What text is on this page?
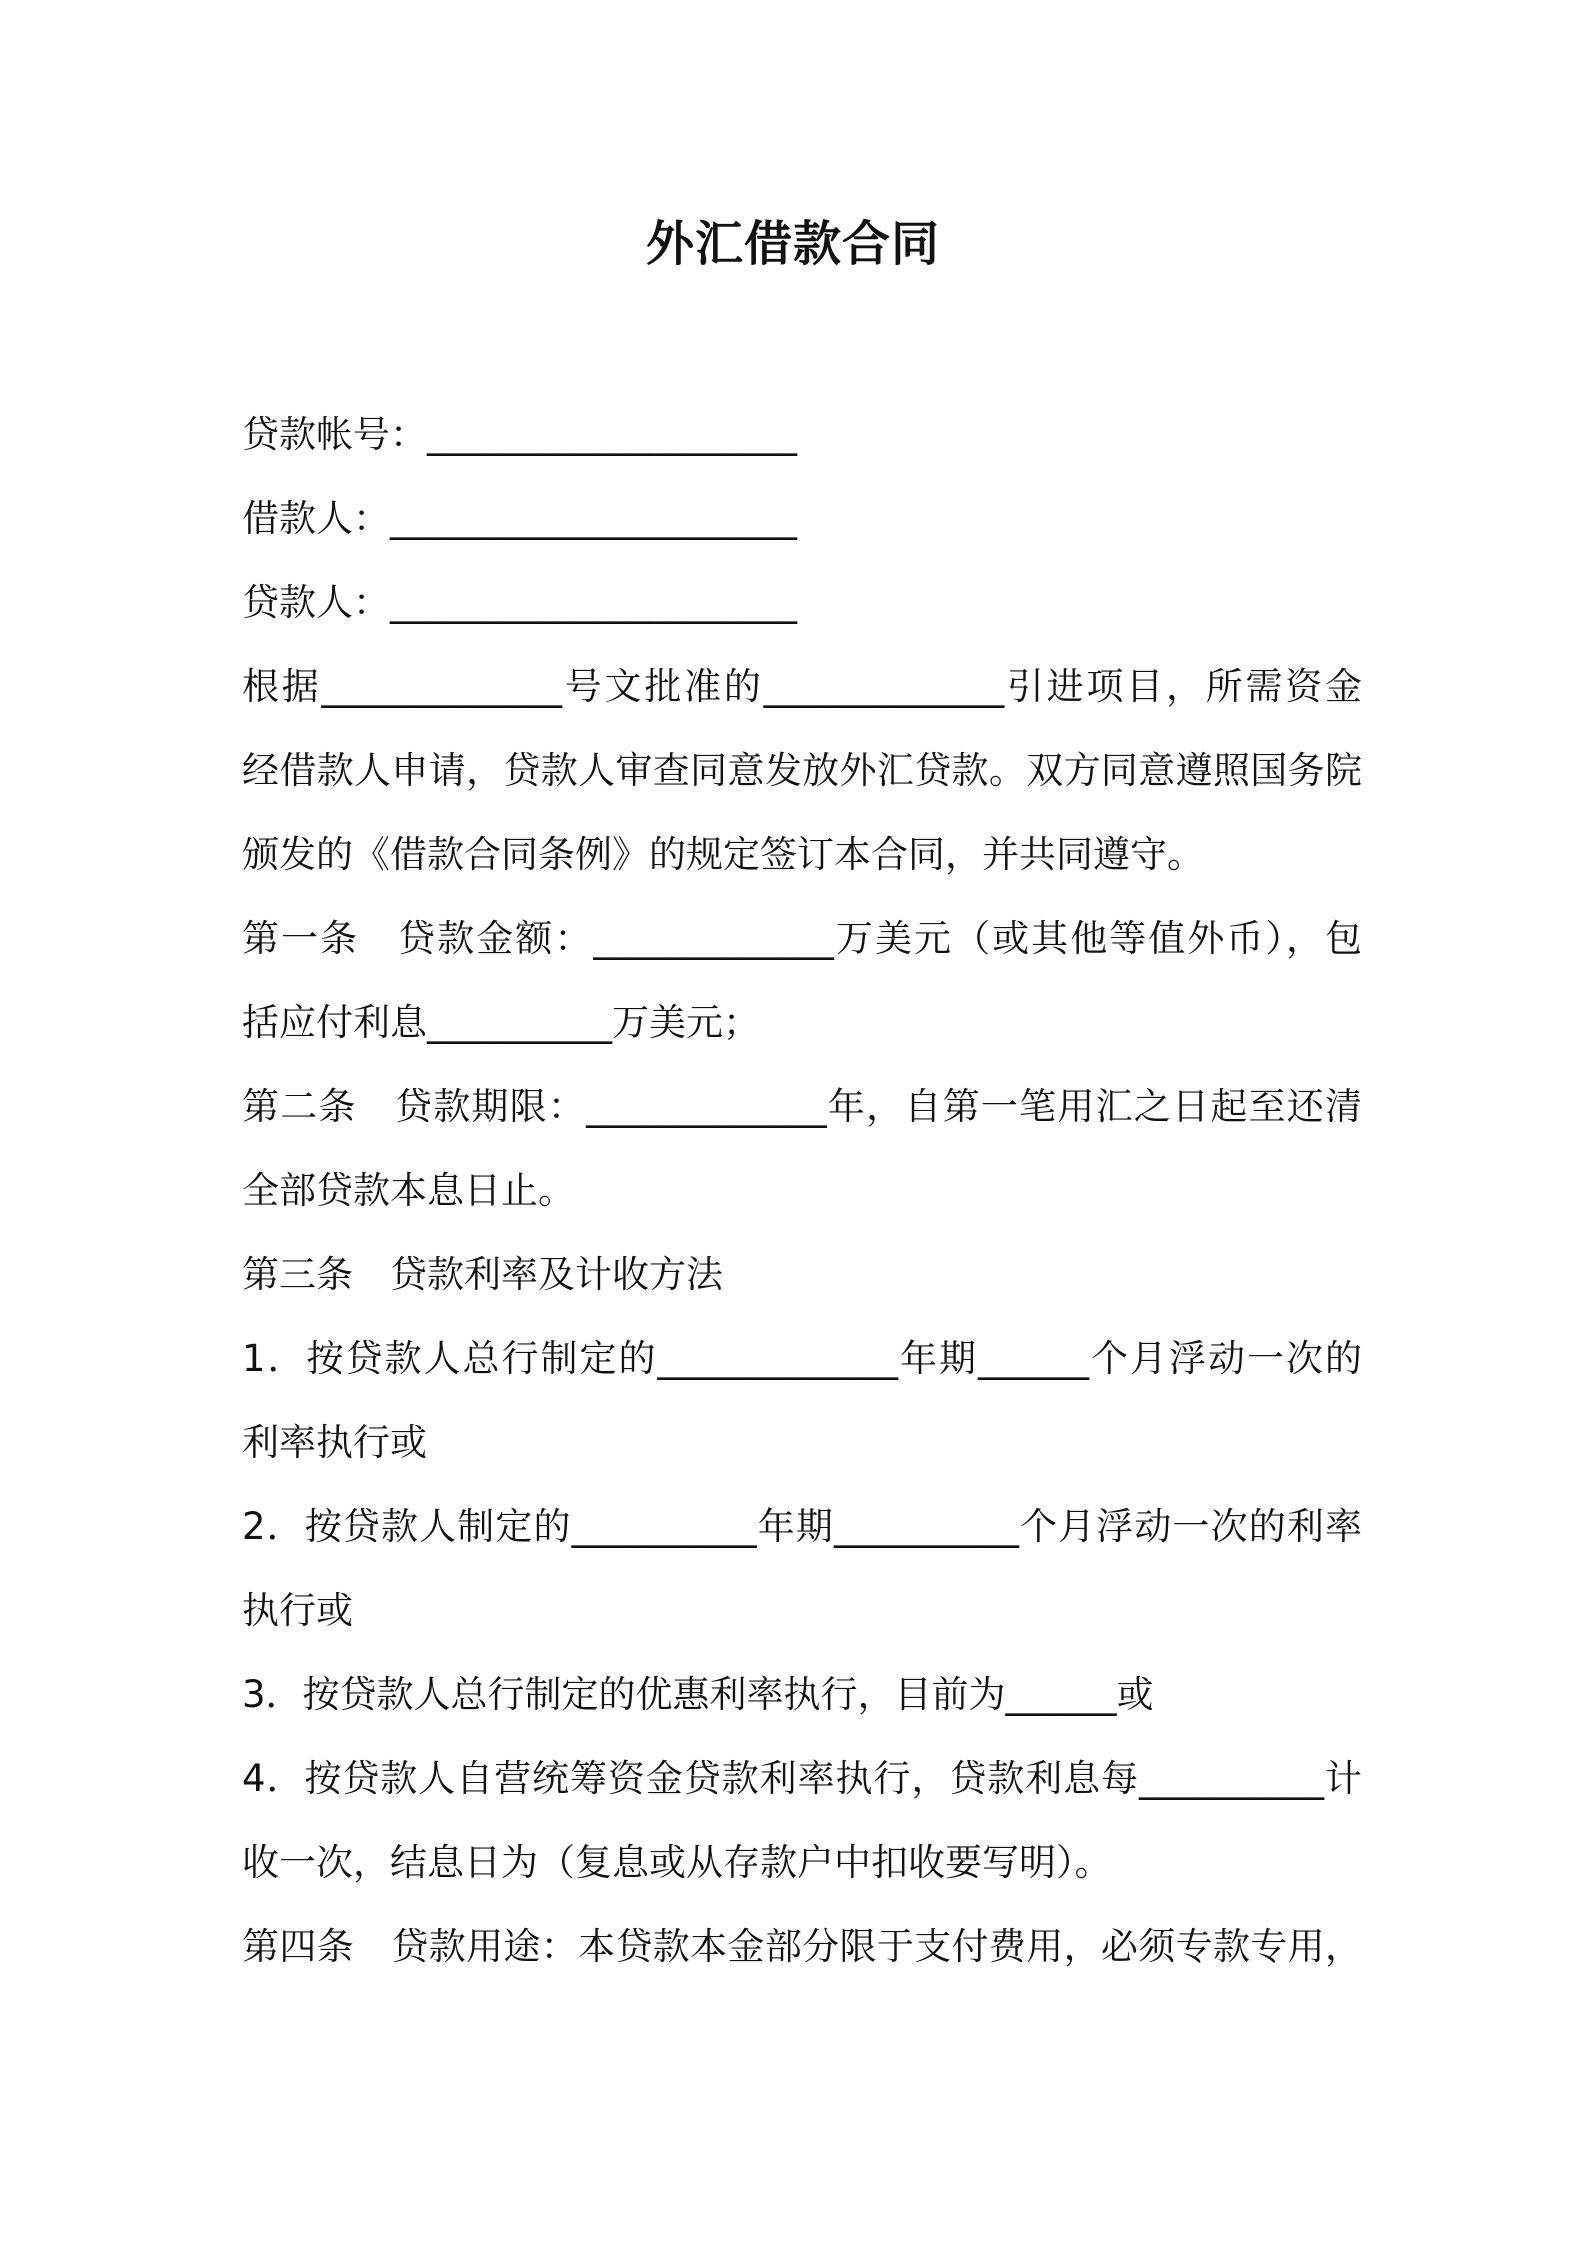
外汇借款合同
贷款帐号：____________________
借款人：______________________
贷款人：______________________
根据_____________号文批准的_____________引进项目，所需资金
经借款人申请，贷款人审查同意发放外汇贷款。双方同意遵照国务院
颁发的《借款合同条例》的规定签订本合同，并共同遵守。
第一条　贷款金额：_____________万美元（或其他等值外币），包
括应付利息__________万美元；
第二条　贷款期限：_____________年，自第一笔用汇之日起至还清
全部贷款本息日止。
第三条　贷款利率及计收方法
1．按贷款人总行制定的_____________年期______个月浮动一次的
利率执行或
2．按贷款人制定的__________年期__________个月浮动一次的利率
执行或
3．按贷款人总行制定的优惠利率执行，目前为______或
4．按贷款人自营统筹资金贷款利率执行，贷款利息每__________计
收一次，结息日为（复息或从存款户中扣收要写明）。
第四条　贷款用途：本贷款本金部分限于支付费用，必须专款专用，
